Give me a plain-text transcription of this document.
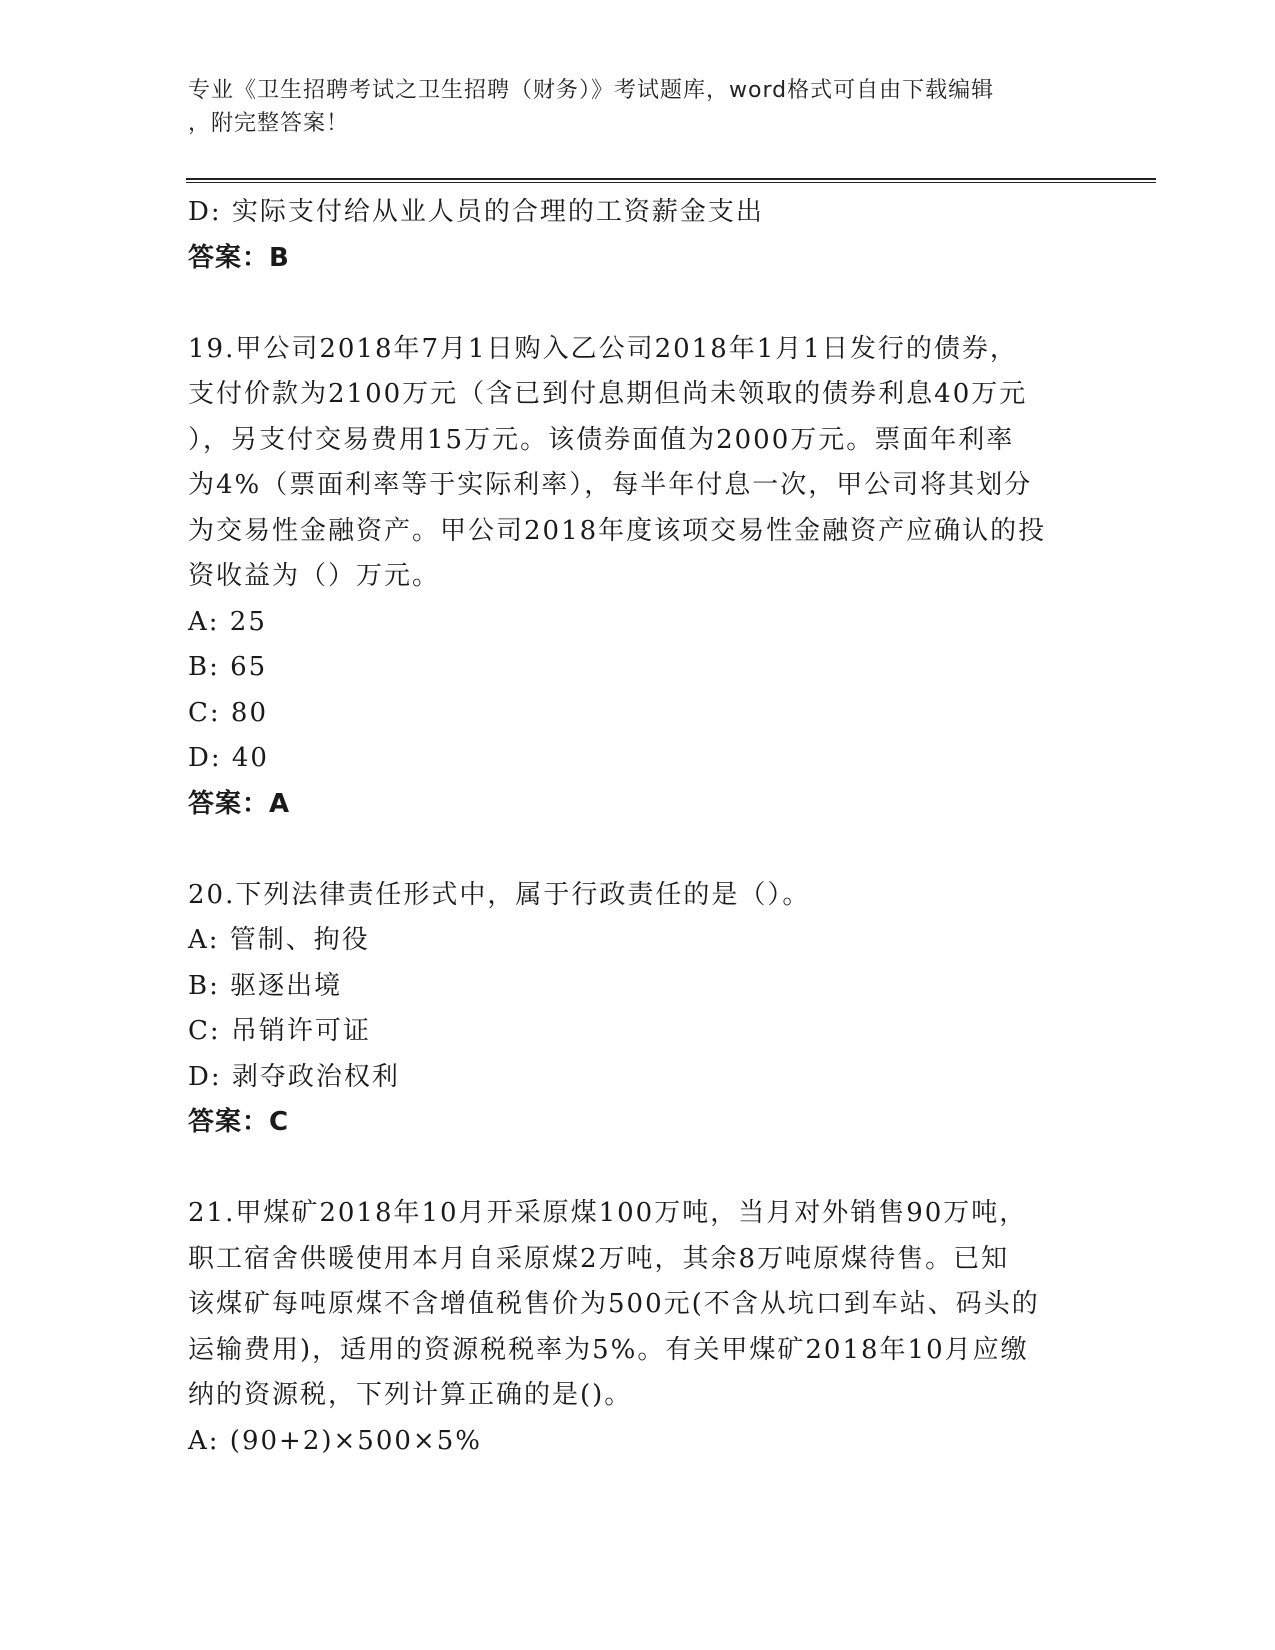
专业《卫生招聘考试之卫生招聘（财务）》考试题库，word格式可自由下载编辑
，附完整答案！
D: 实际支付给从业人员的合理的工资薪金支出
答案：B
19.甲公司2018年7月1日购入乙公司2018年1月1日发行的债券，
支付价款为2100万元（含已到付息期但尚未领取的债券利息40万元
），另支付交易费用15万元。该债券面值为2000万元。票面年利率
为4%（票面利率等于实际利率），每半年付息一次，甲公司将其划分
为交易性金融资产。甲公司2018年度该项交易性金融资产应确认的投
资收益为（）万元。
A: 25
B: 65
C: 80
D: 40
答案：A
20.下列法律责任形式中，属于行政责任的是（）。
A: 管制、拘役
B: 驱逐出境
C: 吊销许可证
D: 剥夺政治权利
答案：C
21.甲煤矿2018年10月开采原煤100万吨，当月对外销售90万吨，
职工宿舍供暖使用本月自采原煤2万吨，其余8万吨原煤待售。已知
该煤矿每吨原煤不含增值税售价为500元(不含从坑口到车站、码头的
运输费用)，适用的资源税税率为5%。有关甲煤矿2018年10月应缴
纳的资源税，下列计算正确的是()。
A: (90+2)×500×5%
